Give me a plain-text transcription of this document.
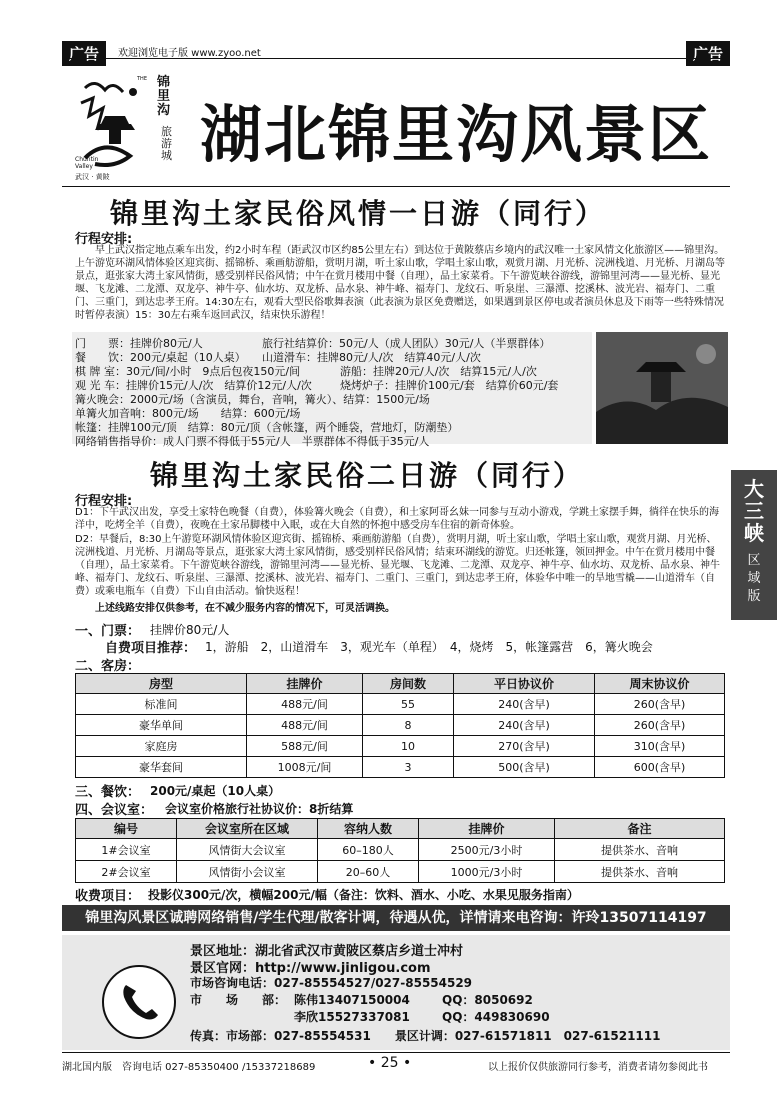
广告	欢迎浏览电子版 www.zyoo.net	广告
锦里沟
旅游城
THE
Chuntin Valley
武汉 · 黄陂
湖北锦里沟风景区
锦里沟土家民俗风情一日游（同行）
行程安排:
早上武汉指定地点乘车出发，约2小时车程（距武汉市区约85公里左右）到达位于黄陂蔡店乡境内的武汉唯一土家风情文化旅游区——锦里沟。上午游览环湖风情体验区迎宾街、摇锦桥、乘画舫游船，赏明月湖，听土家山歌，学唱土家山歌，观赏月湖、月光桥、浣洲栈道、月光桥、月湖岛等景点，逛张家大湾土家风情街，感受别样民俗风情；中午在赏月楼用中餐（自理），品土家菜肴。下午游览峡谷游线，游锦里河湾——显光桥、显光堰、飞龙滩、二龙潭、双龙亭、神牛亭、仙水坊、双龙桥、品水泉、神牛峰、福寿门、龙纹石、听泉崖、三瀑潭、挖溪林、波光岩、福寿门、二重门、三重门，到达忠孝王府。14:30左右，观看大型民俗歌舞表演（此表演为景区免费赠送，如果遇到景区停电或者演员休息及下雨等一些特殊情况时暂停表演）15：30左右乘车返回武汉，结束快乐游程！
门　　票：挂牌价80元/人	旅行社结算价：50元/人（成人团队）30元/人（半票群体）
餐　　饮：200元/桌起（10人桌） 山道滑车：挂牌80元/人/次　结算40元/人/次
棋 牌 室：30元/间/小时　9点后包夜150元/间	游船：挂牌20元/人/次　结算15元/人/次
观 光 车：挂牌价15元/人/次　结算价12元/人/次	烧烤炉子：挂牌价100元/套　结算价60元/套
篝火晚会：2000元/场（含演员，舞台，音响，篝火）、结算：1500元/场
单篝火加音响：800元/场　　结算：600元/场
帐篷：挂牌100元/顶　结算：80元/顶（含帐篷，两个睡袋，营地灯，防潮垫）
网络销售指导价：成人门票不得低于55元/人　半票群体不得低于35元/人
锦里沟土家民俗二日游（同行）
行程安排:
D1：下午武汉出发，享受土家特色晚餐（自费），体验篝火晚会（自费），和土家阿哥幺妹一同参与互动小游戏，学跳土家摆手舞，徜徉在快乐的海洋中，吃烤全羊（自费），夜晚在土家吊脚楼中入眠，或在大自然的怀抱中感受房车住宿的新奇体验。
D2：早餐后，8:30上午游览环湖风情体验区迎宾街、摇锦桥、乘画舫游船（自费），赏明月湖，听土家山歌，学唱土家山歌，观赏月湖、月光桥、浣洲栈道、月光桥、月湖岛等景点，逛张家大湾土家风情街，感受别样民俗风情；结束环湖线的游览。归还帐篷，领回押金。中午在赏月楼用中餐（自理），品土家菜肴。下午游览峡谷游线，游锦里河湾——显光桥、显光堰、飞龙滩、二龙潭、双龙亭、神牛亭、仙水坊、双龙桥、品水泉、神牛峰、福寿门、龙纹石、听泉崖、三瀑潭、挖溪林、波光岩、福寿门、二重门、三重门，到达忠孝王府，体验华中唯一的旱地雪橇——山道滑车（自费）或乘电瓶车（自费）下山自由活动。愉快返程！
上述线路安排仅供参考，在不减少服务内容的情况下，可灵活调换。
一、门票： 挂牌价80元/人
自费项目推荐： 1，游船　2，山道滑车　3，观光车（单程）　4，烧烤　5，帐篷露营　6，篝火晚会
二、客房：
房型	挂牌价	房间数	平日协议价	周末协议价
标准间	488元/间	55	240(含早)	260(含早)
豪华单间	488元/间	8	240(含早)	260(含早)
家庭房	588元/间	10	270(含早)	310(含早)
豪华套间	1008元/间	3	500(含早)	600(含早)
三、餐饮： 200元/桌起（10人桌）
四、会议室： 会议室价格旅行社协议价：8折结算
编号	会议室所在区域	容纳人数	挂牌价	备注
1#会议室	风情街大会议室	60–180人	2500元/3小时	提供茶水、音响
2#会议室	风情街小会议室	20–60人	1000元/3小时	提供茶水、音响
收费项目： 投影仪300元/次，横幅200元/幅（备注：饮料、酒水、小吃、水果见服务指南）
锦里沟风景区诚聘网络销售/学生代理/散客计调，待遇从优，详情请来电咨询：许玲13507114197
景区地址：湖北省武汉市黄陂区蔡店乡道士冲村
景区官网：http://www.jinligou.com
市场咨询电话：027-85554527/027-85554529
市　　场　　部： 陈伟13407150004	QQ：8050692
李欣15527337081	QQ：449830690
传真：市场部：027-85554531　　景区计调：027-61571811　027-61521111
大三峡
区域版
湖北国内版　咨询电话 027-85350400 /15337218689	• 25 •	以上报价仅供旅游同行参考，消费者请勿参阅此书
